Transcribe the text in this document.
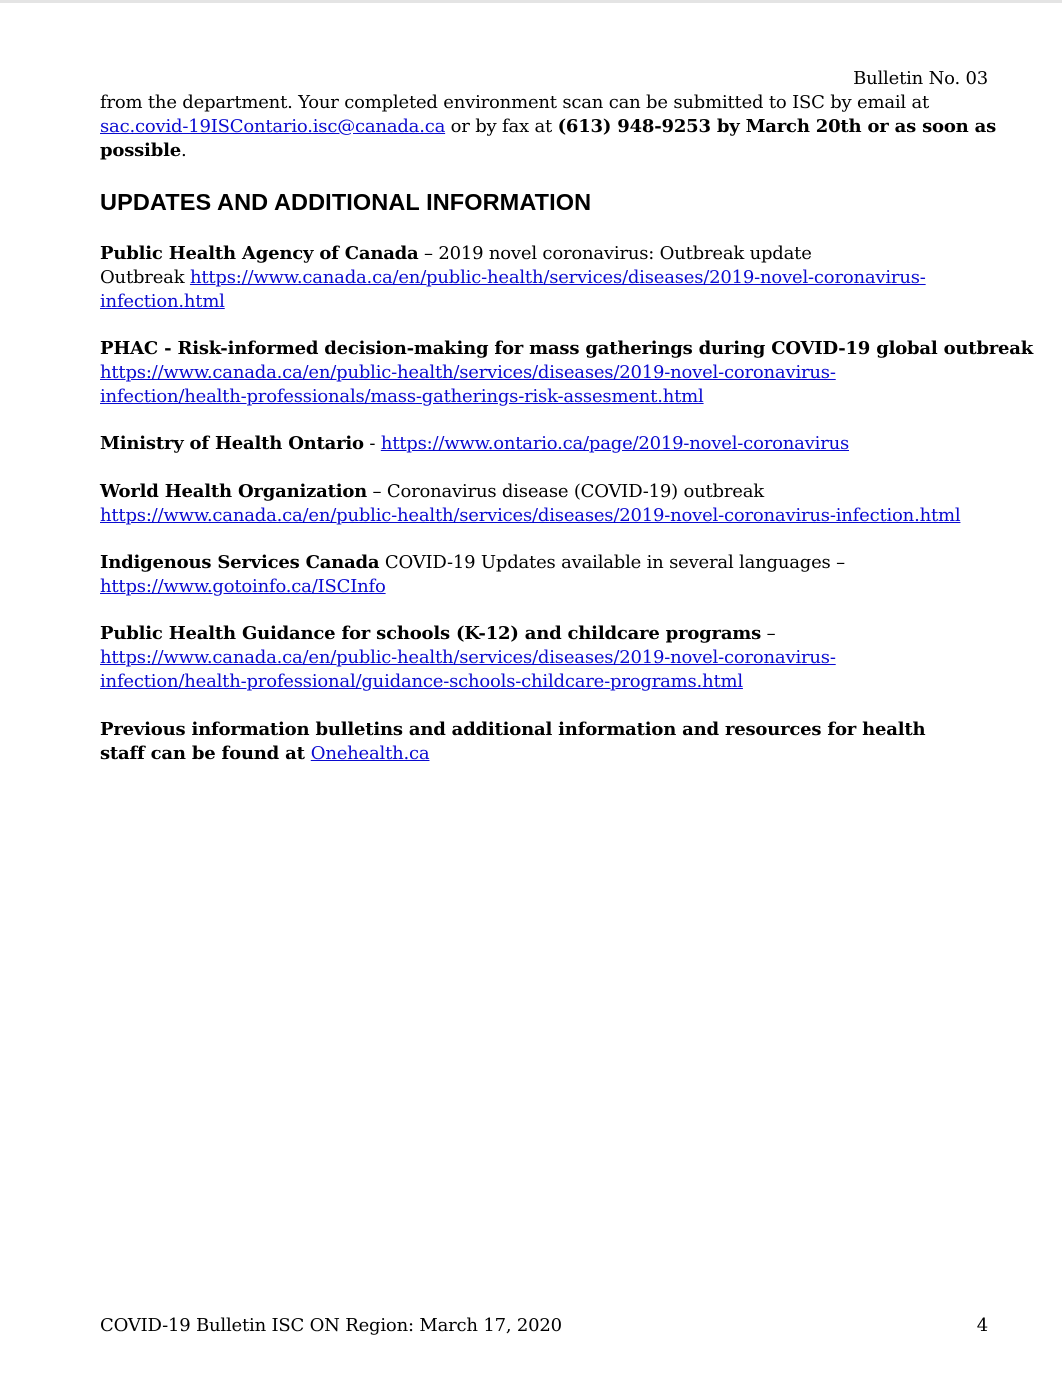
Bulletin No. 03
from the department. Your completed environment scan can be submitted to ISC by email at
sac.covid-19ISContario.isc@canada.ca or by fax at (613) 948-9253 by March 20th or as soon as
possible.
UPDATES AND ADDITIONAL INFORMATION
Public Health Agency of Canada – 2019 novel coronavirus: Outbreak update
Outbreak https://www.canada.ca/en/public-health/services/diseases/2019-novel-coronavirus-
infection.html
PHAC - Risk-informed decision-making for mass gatherings during COVID-19 global outbreak
https://www.canada.ca/en/public-health/services/diseases/2019-novel-coronavirus-
infection/health-professionals/mass-gatherings-risk-assesment.html
Ministry of Health Ontario - https://www.ontario.ca/page/2019-novel-coronavirus
World Health Organization – Coronavirus disease (COVID-19) outbreak
https://www.canada.ca/en/public-health/services/diseases/2019-novel-coronavirus-infection.html
Indigenous Services Canada COVID-19 Updates available in several languages –
https://www.gotoinfo.ca/ISCInfo
Public Health Guidance for schools (K-12) and childcare programs –
https://www.canada.ca/en/public-health/services/diseases/2019-novel-coronavirus-
infection/health-professional/guidance-schools-childcare-programs.html
Previous information bulletins and additional information and resources for health
staff can be found at Onehealth.ca
COVID-19 Bulletin ISC ON Region: March 17, 2020	4
